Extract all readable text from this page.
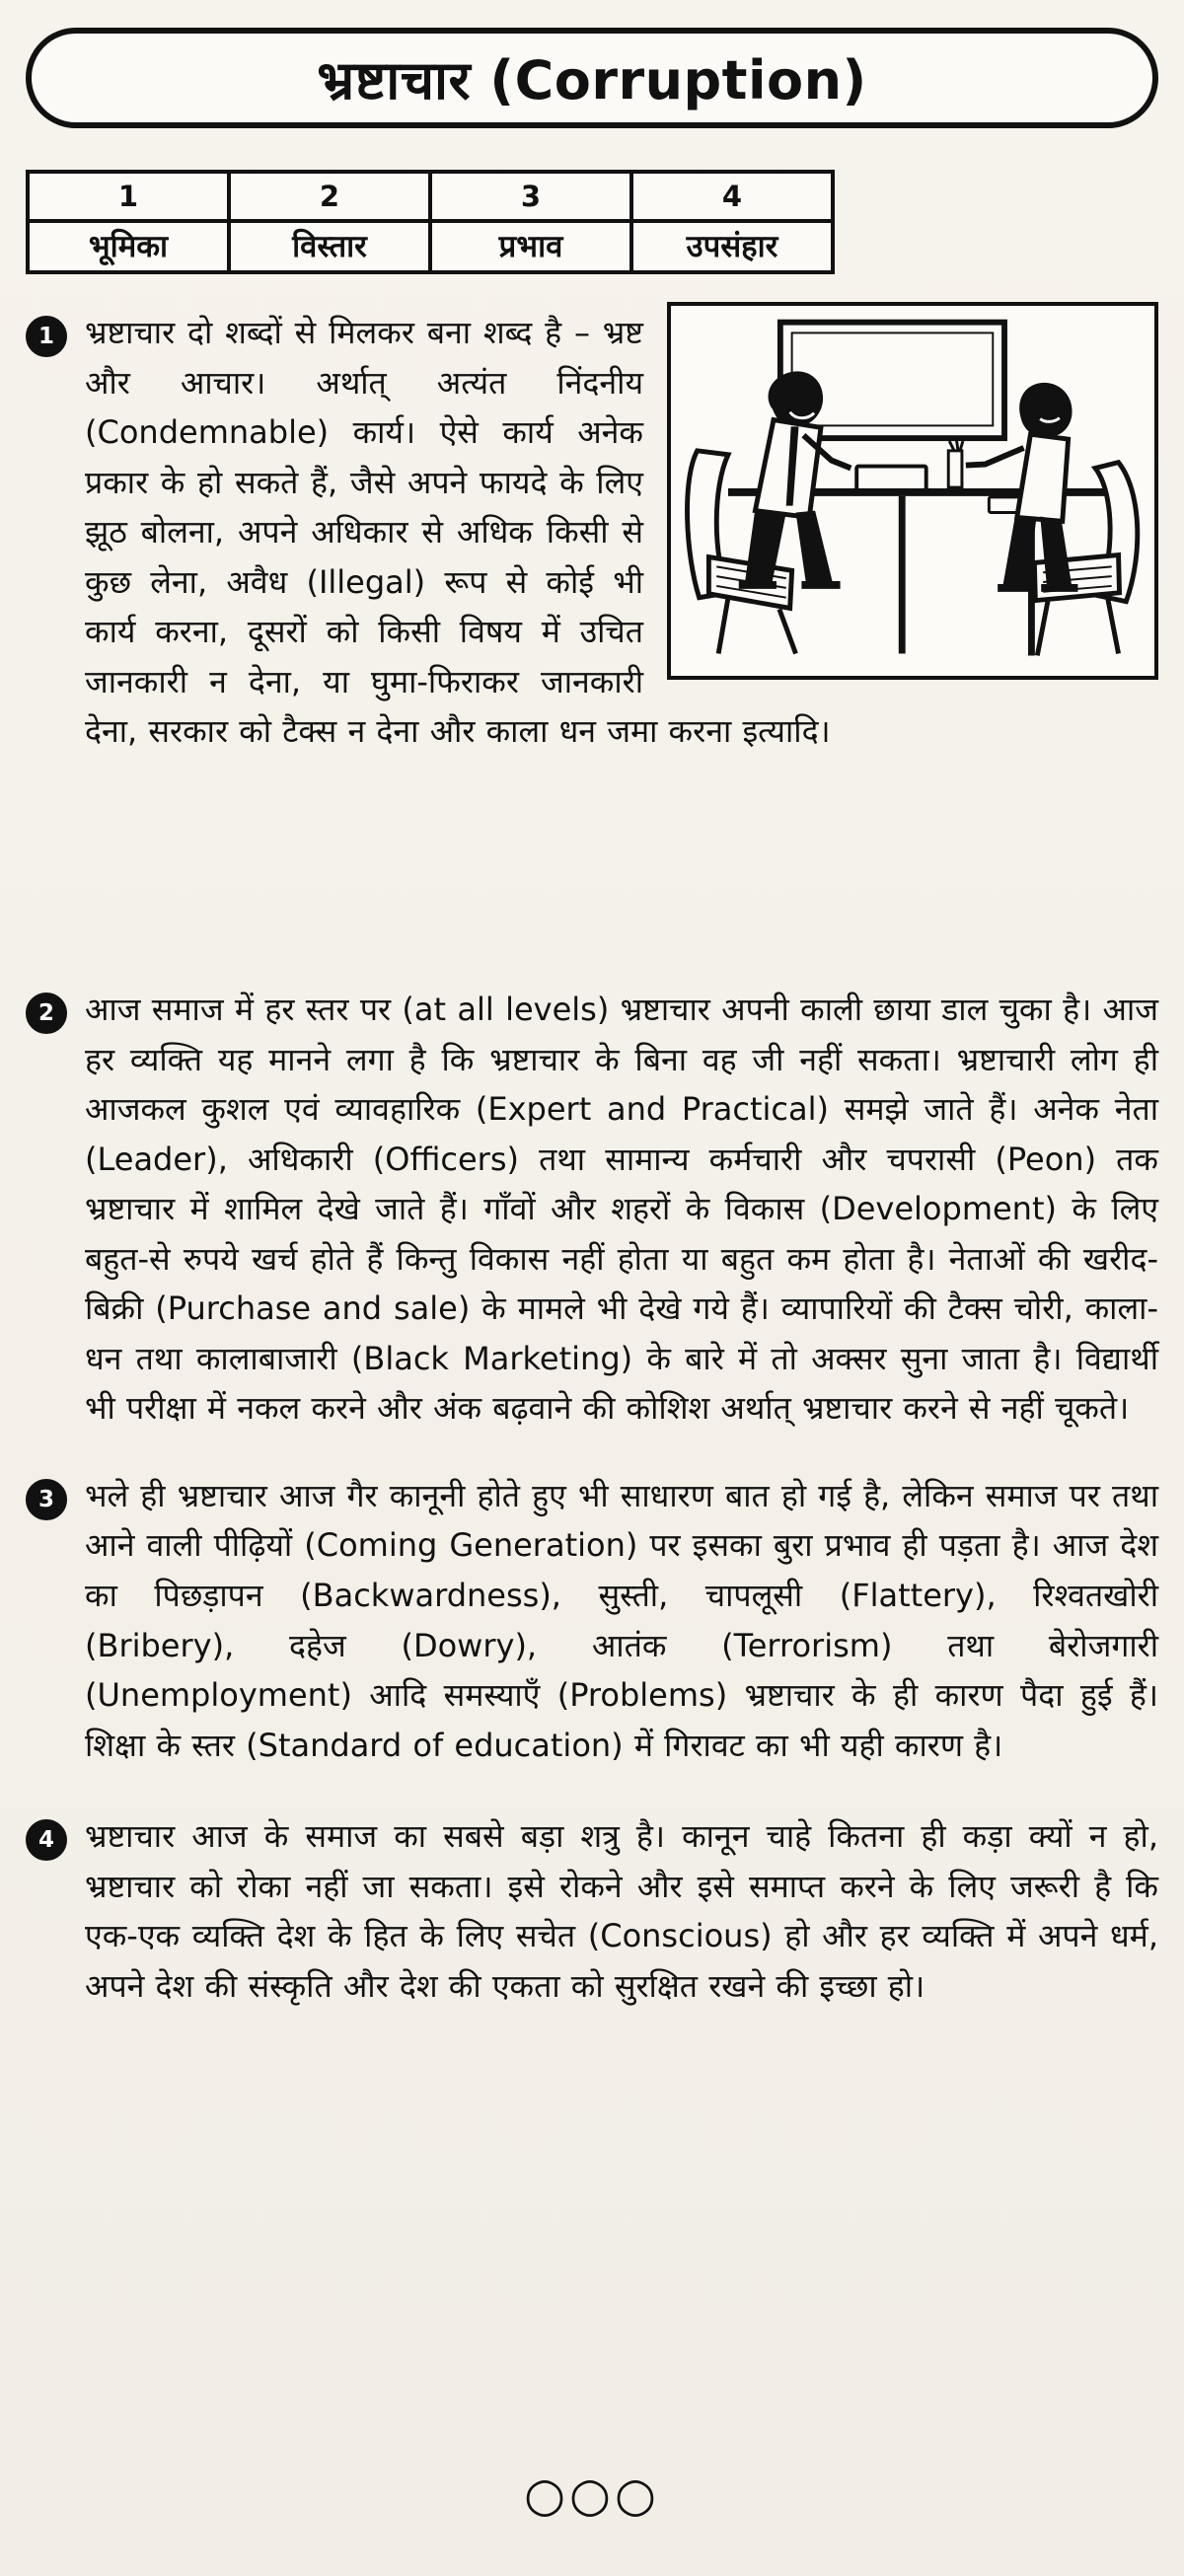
भ्रष्टाचार (Corruption)
1	2	3	4
भूमिका	विस्तार	प्रभाव	उपसंहार
1 भ्रष्टाचार दो शब्दों से मिलकर बना शब्द है – भ्रष्ट और आचार। अर्थात् अत्यंत निंदनीय (Condemnable) कार्य। ऐसे कार्य अनेक प्रकार के हो सकते हैं, जैसे अपने फायदे के लिए झूठ बोलना, अपने अधिकार से अधिक किसी से कुछ लेना, अवैध (Illegal) रूप से कोई भी कार्य करना, दूसरों को किसी विषय में उचित जानकारी न देना, या घुमा-फिराकर जानकारी देना, सरकार को टैक्स न देना और काला धन जमा करना इत्यादि।

2 आज समाज में हर स्तर पर (at all levels) भ्रष्टाचार अपनी काली छाया डाल चुका है। आज हर व्यक्ति यह मानने लगा है कि भ्रष्टाचार के बिना वह जी नहीं सकता। भ्रष्टाचारी लोग ही आजकल कुशल एवं व्यावहारिक (Expert and Practical) समझे जाते हैं। अनेक नेता (Leader), अधिकारी (Officers) तथा सामान्य कर्मचारी और चपरासी (Peon) तक भ्रष्टाचार में शामिल देखे जाते हैं। गाँवों और शहरों के विकास (Development) के लिए बहुत-से रुपये खर्च होते हैं किन्तु विकास नहीं होता या बहुत कम होता है। नेताओं की खरीद-बिक्री (Purchase and sale) के मामले भी देखे गये हैं। व्यापारियों की टैक्स चोरी, काला-धन तथा कालाबाजारी (Black Marketing) के बारे में तो अक्सर सुना जाता है। विद्यार्थी भी परीक्षा में नकल करने और अंक बढ़वाने की कोशिश अर्थात् भ्रष्टाचार करने से नहीं चूकते।

3 भले ही भ्रष्टाचार आज गैर कानूनी होते हुए भी साधारण बात हो गई है, लेकिन समाज पर तथा आने वाली पीढ़ियों (Coming Generation) पर इसका बुरा प्रभाव ही पड़ता है। आज देश का पिछड़ापन (Backwardness), सुस्ती, चापलूसी (Flattery), रिश्वतखोरी (Bribery), दहेज (Dowry), आतंक (Terrorism) तथा बेरोजगारी (Unemployment) आदि समस्याएँ (Problems) भ्रष्टाचार के ही कारण पैदा हुई हैं। शिक्षा के स्तर (Standard of education) में गिरावट का भी यही कारण है।

4 भ्रष्टाचार आज के समाज का सबसे बड़ा शत्रु है। कानून चाहे कितना ही कड़ा क्यों न हो, भ्रष्टाचार को रोका नहीं जा सकता। इसे रोकने और इसे समाप्त करने के लिए जरूरी है कि एक-एक व्यक्ति देश के हित के लिए सचेत (Conscious) हो और हर व्यक्ति में अपने धर्म, अपने देश की संस्कृति और देश की एकता को सुरक्षित रखने की इच्छा हो।

○○○
